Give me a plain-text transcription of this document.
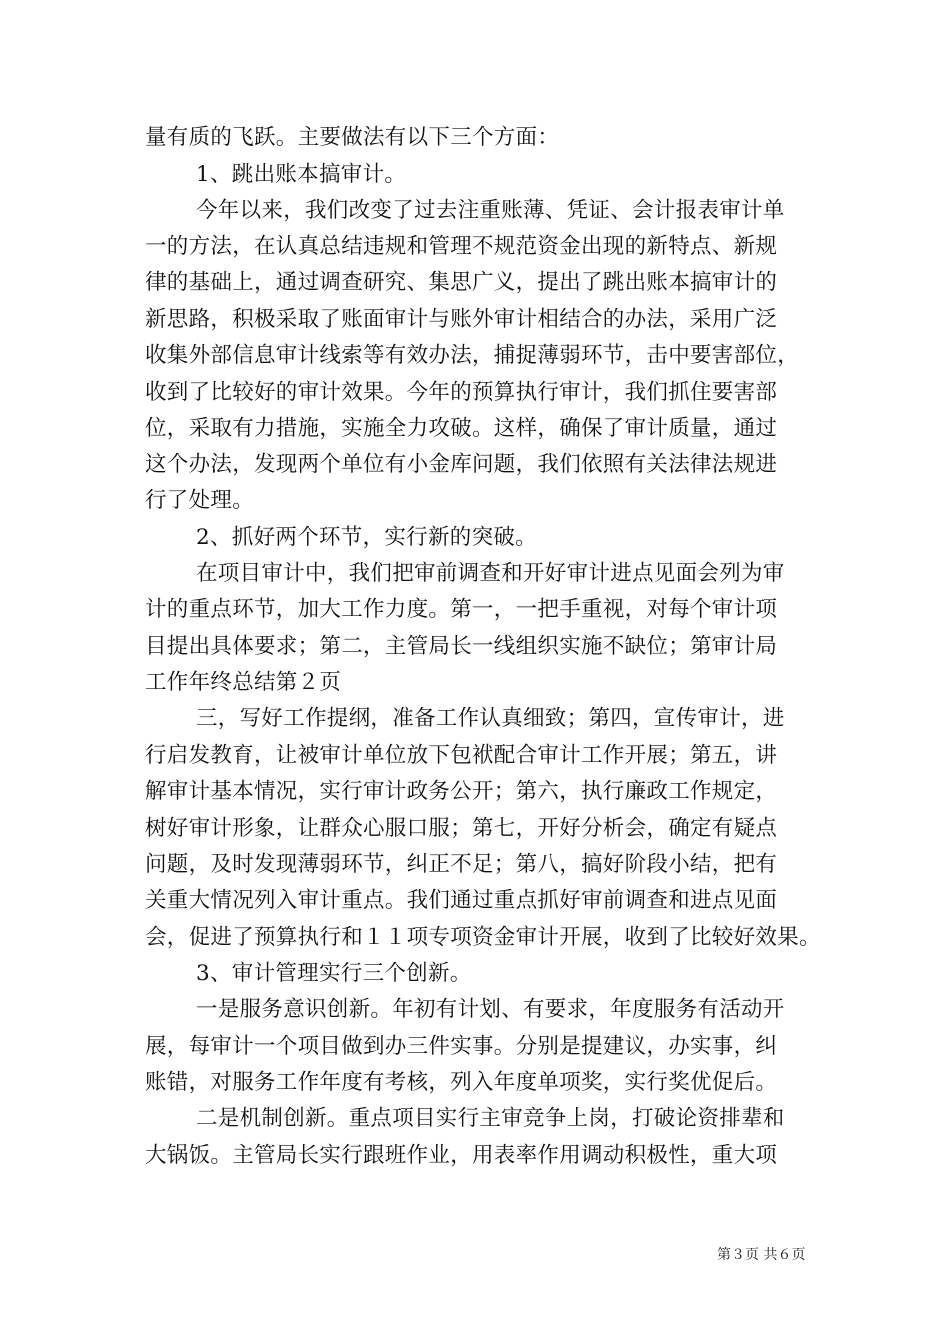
量有质的飞跃。主要做法有以下三个方面：
1、跳出账本搞审计。
今年以来，我们改变了过去注重账薄、凭证、会计报表审计单
一的方法，在认真总结违规和管理不规范资金出现的新特点、新规
律的基础上，通过调查研究、集思广义，提出了跳出账本搞审计的
新思路，积极采取了账面审计与账外审计相结合的办法，采用广泛
收集外部信息审计线索等有效办法，捕捉薄弱环节，击中要害部位，
收到了比较好的审计效果。今年的预算执行审计，我们抓住要害部
位，采取有力措施，实施全力攻破。这样，确保了审计质量，通过
这个办法，发现两个单位有小金库问题，我们依照有关法律法规进
行了处理。
2、抓好两个环节，实行新的突破。
在项目审计中，我们把审前调查和开好审计进点见面会列为审
计的重点环节，加大工作力度。第一，一把手重视，对每个审计项
目提出具体要求；第二，主管局长一线组织实施不缺位；第审计局
工作年终总结第２页
三，写好工作提纲，准备工作认真细致；第四，宣传审计，进
行启发教育，让被审计单位放下包袱配合审计工作开展；第五，讲
解审计基本情况，实行审计政务公开；第六，执行廉政工作规定，
树好审计形象，让群众心服口服；第七，开好分析会，确定有疑点
问题，及时发现薄弱环节，纠正不足；第八，搞好阶段小结，把有
关重大情况列入审计重点。我们通过重点抓好审前调查和进点见面
会，促进了预算执行和１１项专项资金审计开展，收到了比较好效果。
3、审计管理实行三个创新。
一是服务意识创新。年初有计划、有要求，年度服务有活动开
展，每审计一个项目做到办三件实事。分别是提建议，办实事，纠
账错，对服务工作年度有考核，列入年度单项奖，实行奖优促后。
二是机制创新。重点项目实行主审竞争上岗，打破论资排辈和
大锅饭。主管局长实行跟班作业，用表率作用调动积极性，重大项
第３页 共６页
